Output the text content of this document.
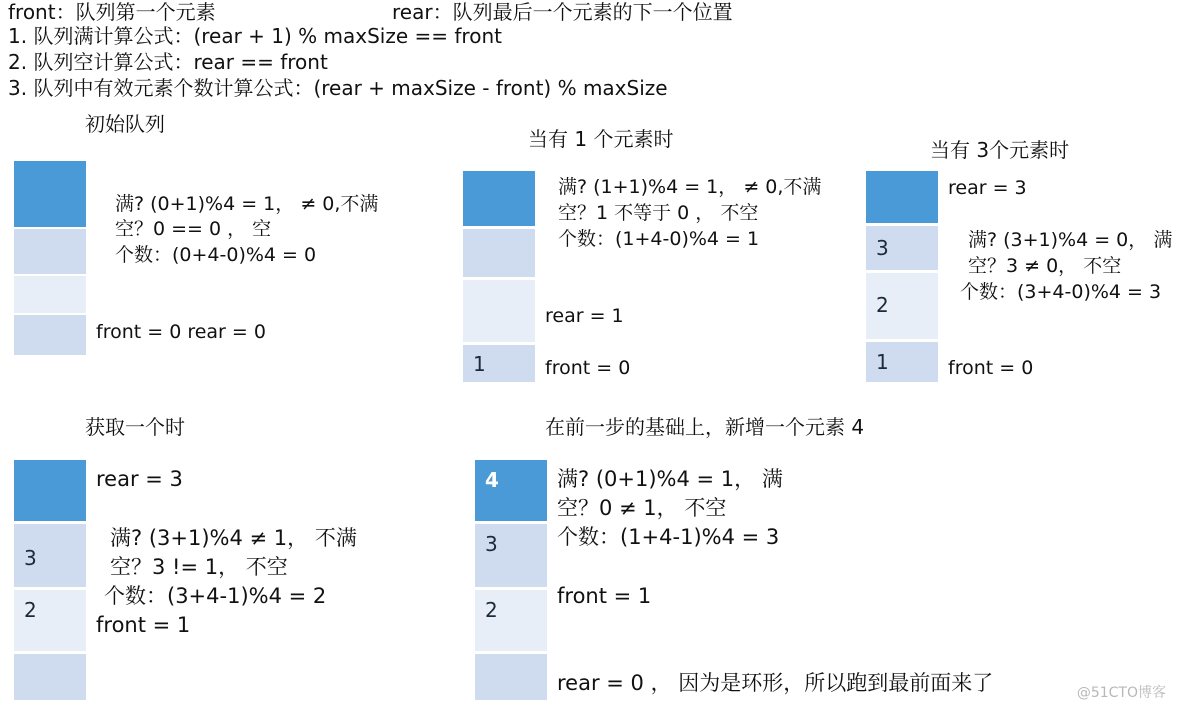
front：队列第一个元素	rear：队列最后一个元素的下一个位置
1. 队列满计算公式：(rear + 1) % maxSize == front
2. 队列空计算公式：rear == front
3. 队列中有效元素个数计算公式：(rear + maxSize - front) % maxSize
初始队列
满? (0+1)%4 = 1， ≠ 0,不满
空？0 == 0 ， 空
个数：(0+4-0)%4 = 0
front = 0 rear = 0
当有 1 个元素时
1
满? (1+1)%4 = 1， ≠ 0,不满
空？1 不等于 0 ， 不空
个数：(1+4-0)%4 = 1
rear = 1
front = 0
当有 3个元素时
3
2
1
rear = 3
满? (3+1)%4 = 0， 满
空？3 ≠ 0， 不空
个数：(3+4-0)%4 = 3
front = 0
获取一个时
3
2
rear = 3
满? (3+1)%4 ≠ 1， 不满
空？3 != 1， 不空
个数：(3+4-1)%4 = 2
front = 1
在前一步的基础上，新增一个元素 4
4
3
2
满? (0+1)%4 = 1， 满
空？0 ≠ 1， 不空
个数：(1+4-1)%4 = 3
front = 1
rear = 0 ， 因为是环形，所以跑到最前面来了	@51CTO博客
